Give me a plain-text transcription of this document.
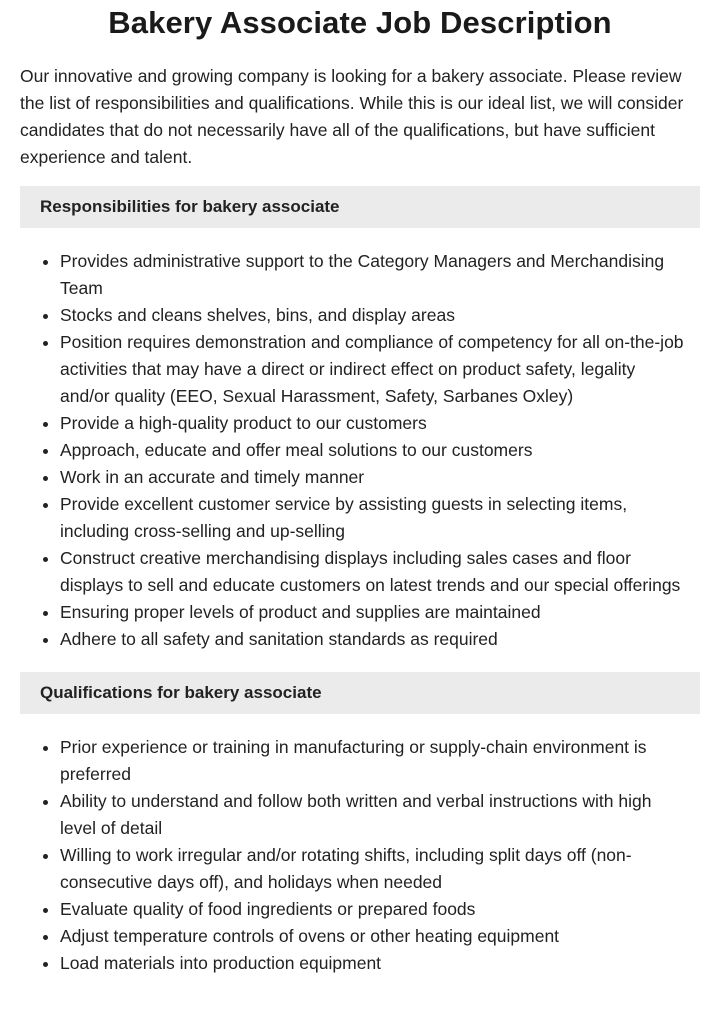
Bakery Associate Job Description

Our innovative and growing company is looking for a bakery associate. Please review the list of responsibilities and qualifications. While this is our ideal list, we will consider candidates that do not necessarily have all of the qualifications, but have sufficient experience and talent.

Responsibilities for bakery associate
• Provides administrative support to the Category Managers and Merchandising Team
• Stocks and cleans shelves, bins, and display areas
• Position requires demonstration and compliance of competency for all on-the-job activities that may have a direct or indirect effect on product safety, legality and/or quality (EEO, Sexual Harassment, Safety, Sarbanes Oxley)
• Provide a high-quality product to our customers
• Approach, educate and offer meal solutions to our customers
• Work in an accurate and timely manner
• Provide excellent customer service by assisting guests in selecting items, including cross-selling and up-selling
• Construct creative merchandising displays including sales cases and floor displays to sell and educate customers on latest trends and our special offerings
• Ensuring proper levels of product and supplies are maintained
• Adhere to all safety and sanitation standards as required
Qualifications for bakery associate
• Prior experience or training in manufacturing or supply-chain environment is preferred
• Ability to understand and follow both written and verbal instructions with high level of detail
• Willing to work irregular and/or rotating shifts, including split days off (non-consecutive days off), and holidays when needed
• Evaluate quality of food ingredients or prepared foods
• Adjust temperature controls of ovens or other heating equipment
• Load materials into production equipment
